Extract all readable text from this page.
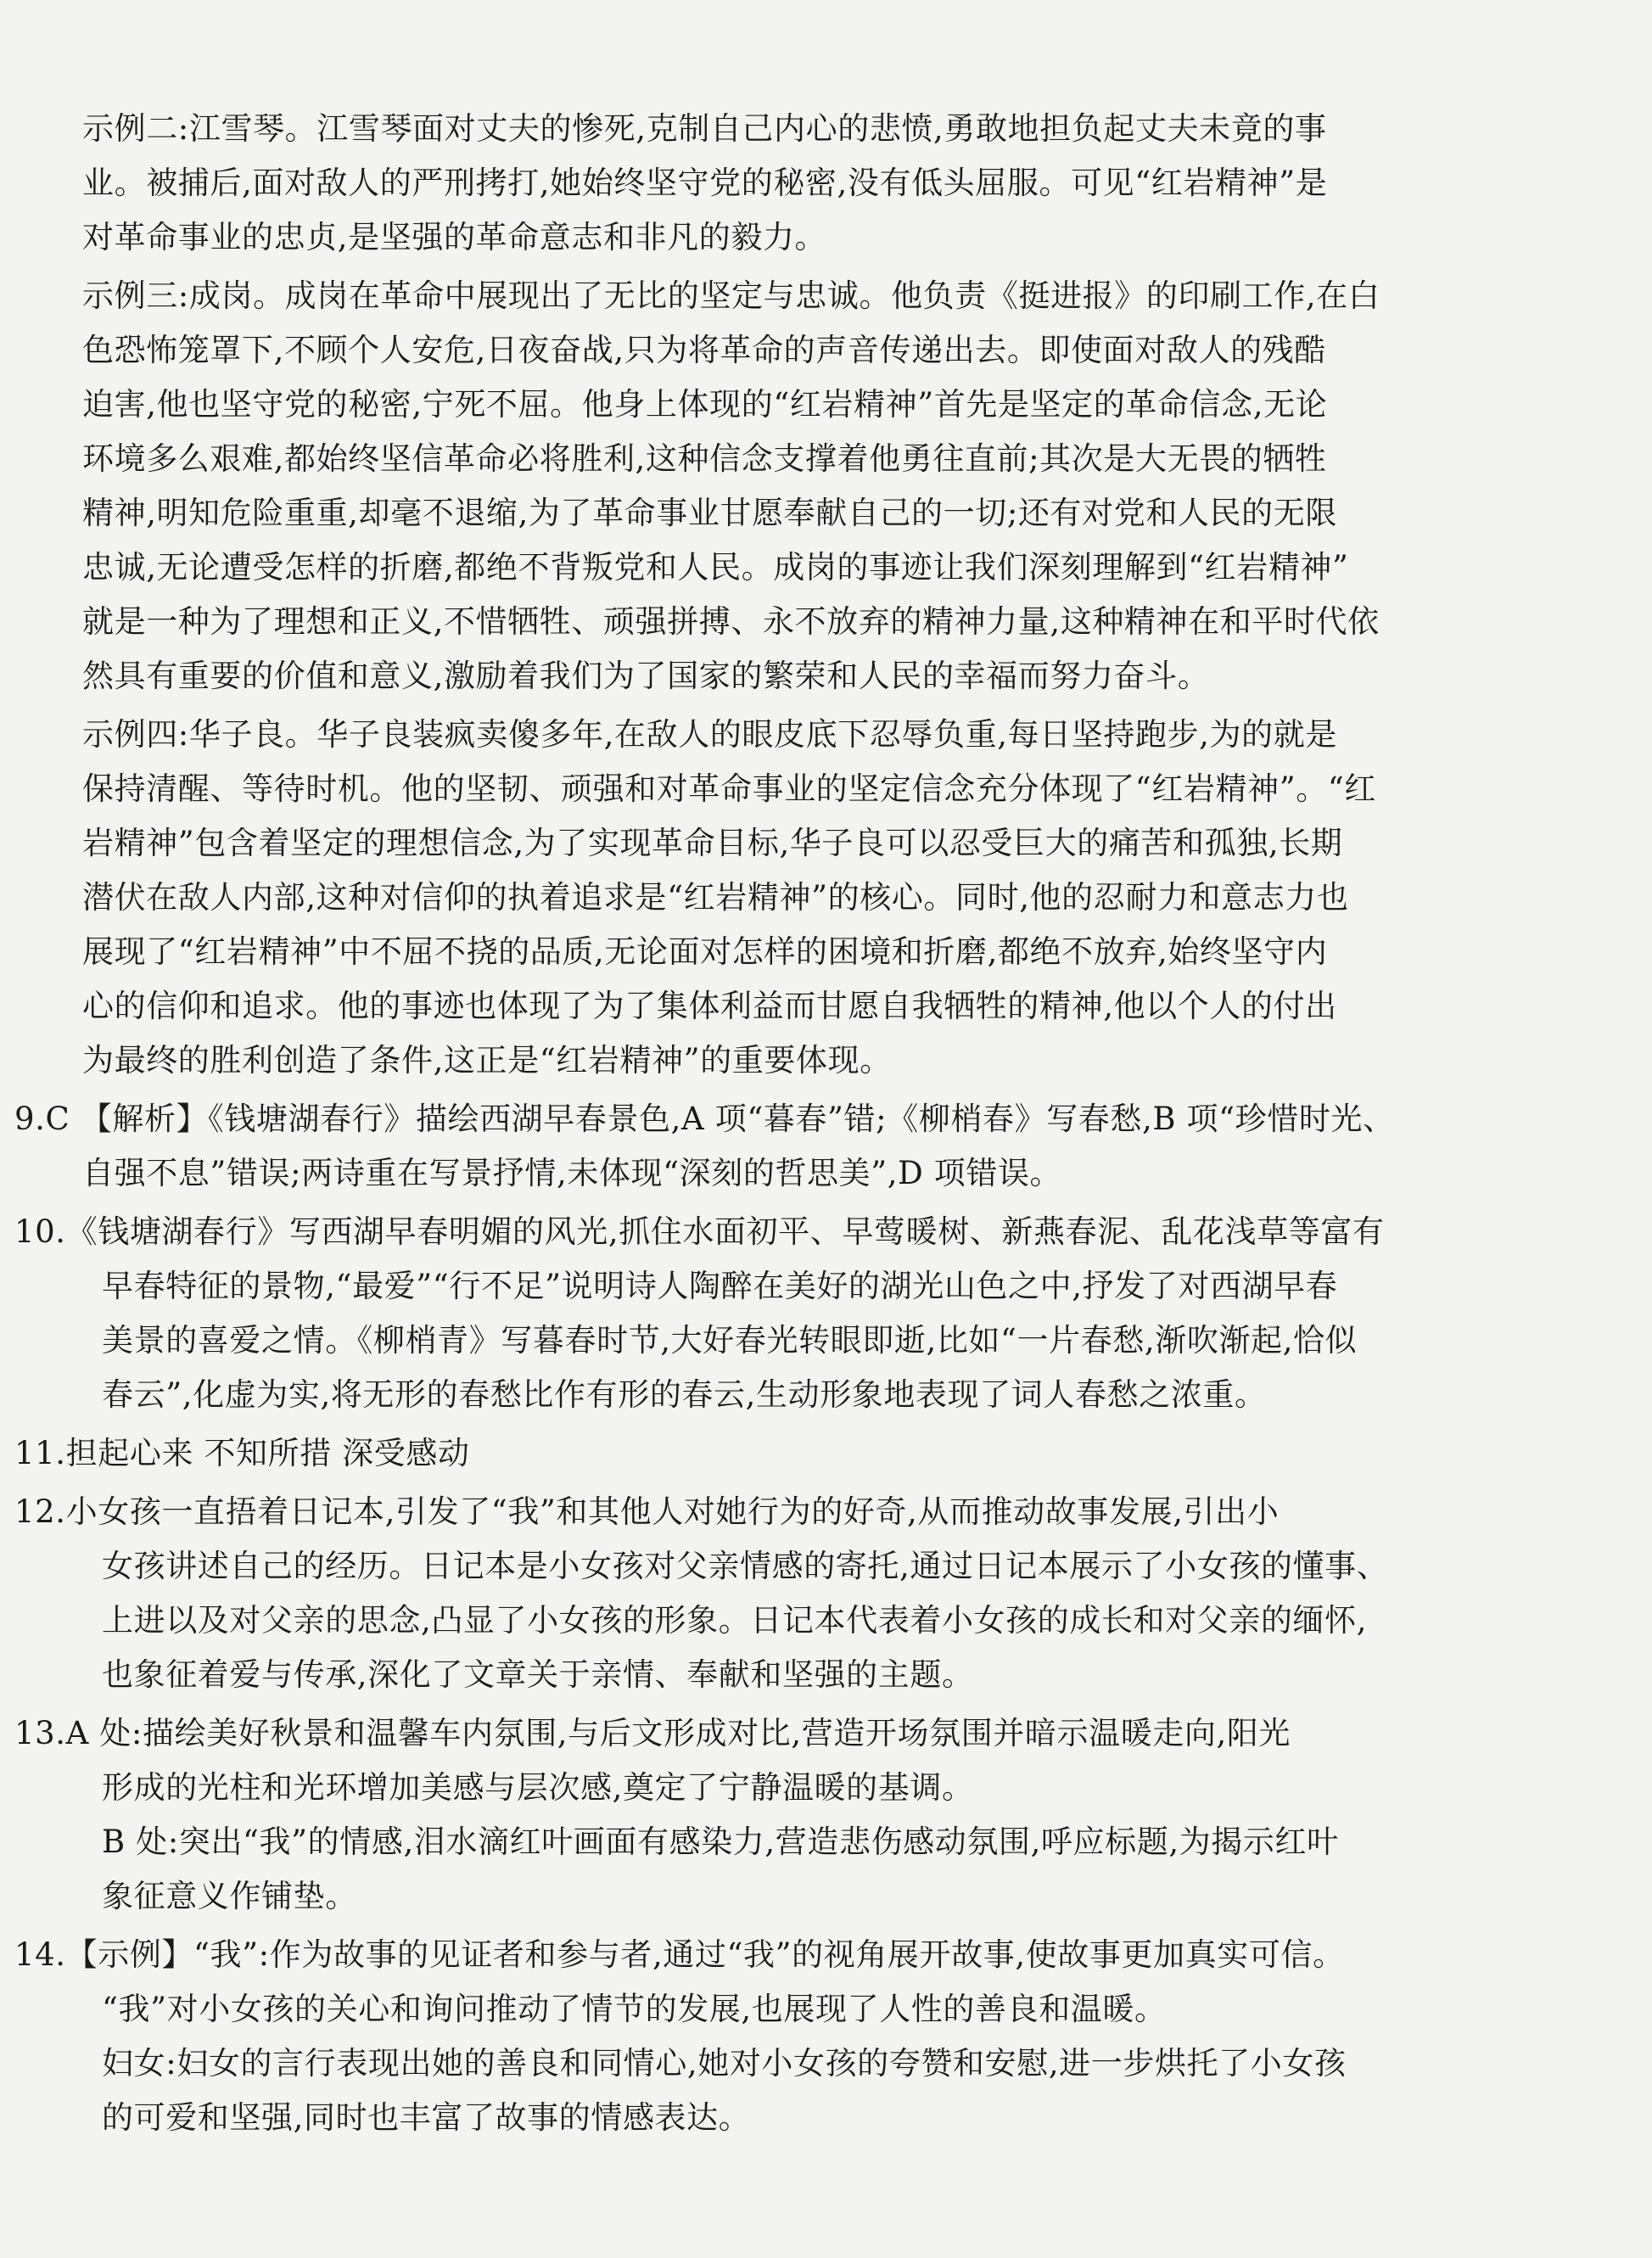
示例二:江雪琴。江雪琴面对丈夫的惨死,克制自己内心的悲愤,勇敢地担负起丈夫未竟的事
业。被捕后,面对敌人的严刑拷打,她始终坚守党的秘密,没有低头屈服。可见“红岩精神”是
对革命事业的忠贞,是坚强的革命意志和非凡的毅力。
示例三:成岗。成岗在革命中展现出了无比的坚定与忠诚。他负责《挺进报》的印刷工作,在白
色恐怖笼罩下,不顾个人安危,日夜奋战,只为将革命的声音传递出去。即使面对敌人的残酷
迫害,他也坚守党的秘密,宁死不屈。他身上体现的“红岩精神”首先是坚定的革命信念,无论
环境多么艰难,都始终坚信革命必将胜利,这种信念支撑着他勇往直前;其次是大无畏的牺牲
精神,明知危险重重,却毫不退缩,为了革命事业甘愿奉献自己的一切;还有对党和人民的无限
忠诚,无论遭受怎样的折磨,都绝不背叛党和人民。成岗的事迹让我们深刻理解到“红岩精神”
就是一种为了理想和正义,不惜牺牲、顽强拼搏、永不放弃的精神力量,这种精神在和平时代依
然具有重要的价值和意义,激励着我们为了国家的繁荣和人民的幸福而努力奋斗。
示例四:华子良。华子良装疯卖傻多年,在敌人的眼皮底下忍辱负重,每日坚持跑步,为的就是
保持清醒、等待时机。他的坚韧、顽强和对革命事业的坚定信念充分体现了“红岩精神”。“红
岩精神”包含着坚定的理想信念,为了实现革命目标,华子良可以忍受巨大的痛苦和孤独,长期
潜伏在敌人内部,这种对信仰的执着追求是“红岩精神”的核心。同时,他的忍耐力和意志力也
展现了“红岩精神”中不屈不挠的品质,无论面对怎样的困境和折磨,都绝不放弃,始终坚守内
心的信仰和追求。他的事迹也体现了为了集体利益而甘愿自我牺牲的精神,他以个人的付出
为最终的胜利创造了条件,这正是“红岩精神”的重要体现。
9.C 【解析】《钱塘湖春行》描绘西湖早春景色,A 项“暮春”错;《柳梢春》写春愁,B 项“珍惜时光、
自强不息”错误;两诗重在写景抒情,未体现“深刻的哲思美”,D 项错误。
10.《钱塘湖春行》写西湖早春明媚的风光,抓住水面初平、早莺暖树、新燕春泥、乱花浅草等富有
早春特征的景物,“最爱”“行不足”说明诗人陶醉在美好的湖光山色之中,抒发了对西湖早春
美景的喜爱之情。《柳梢青》写暮春时节,大好春光转眼即逝,比如“一片春愁,渐吹渐起,恰似
春云”,化虚为实,将无形的春愁比作有形的春云,生动形象地表现了词人春愁之浓重。
11.担起心来 不知所措 深受感动
12.小女孩一直捂着日记本,引发了“我”和其他人对她行为的好奇,从而推动故事发展,引出小
女孩讲述自己的经历。日记本是小女孩对父亲情感的寄托,通过日记本展示了小女孩的懂事、
上进以及对父亲的思念,凸显了小女孩的形象。日记本代表着小女孩的成长和对父亲的缅怀,
也象征着爱与传承,深化了文章关于亲情、奉献和坚强的主题。
13.A 处:描绘美好秋景和温馨车内氛围,与后文形成对比,营造开场氛围并暗示温暖走向,阳光
形成的光柱和光环增加美感与层次感,奠定了宁静温暖的基调。
B 处:突出“我”的情感,泪水滴红叶画面有感染力,营造悲伤感动氛围,呼应标题,为揭示红叶
象征意义作铺垫。
14.【示例】“我”:作为故事的见证者和参与者,通过“我”的视角展开故事,使故事更加真实可信。
“我”对小女孩的关心和询问推动了情节的发展,也展现了人性的善良和温暖。
妇女:妇女的言行表现出她的善良和同情心,她对小女孩的夸赞和安慰,进一步烘托了小女孩
的可爱和坚强,同时也丰富了故事的情感表达。
